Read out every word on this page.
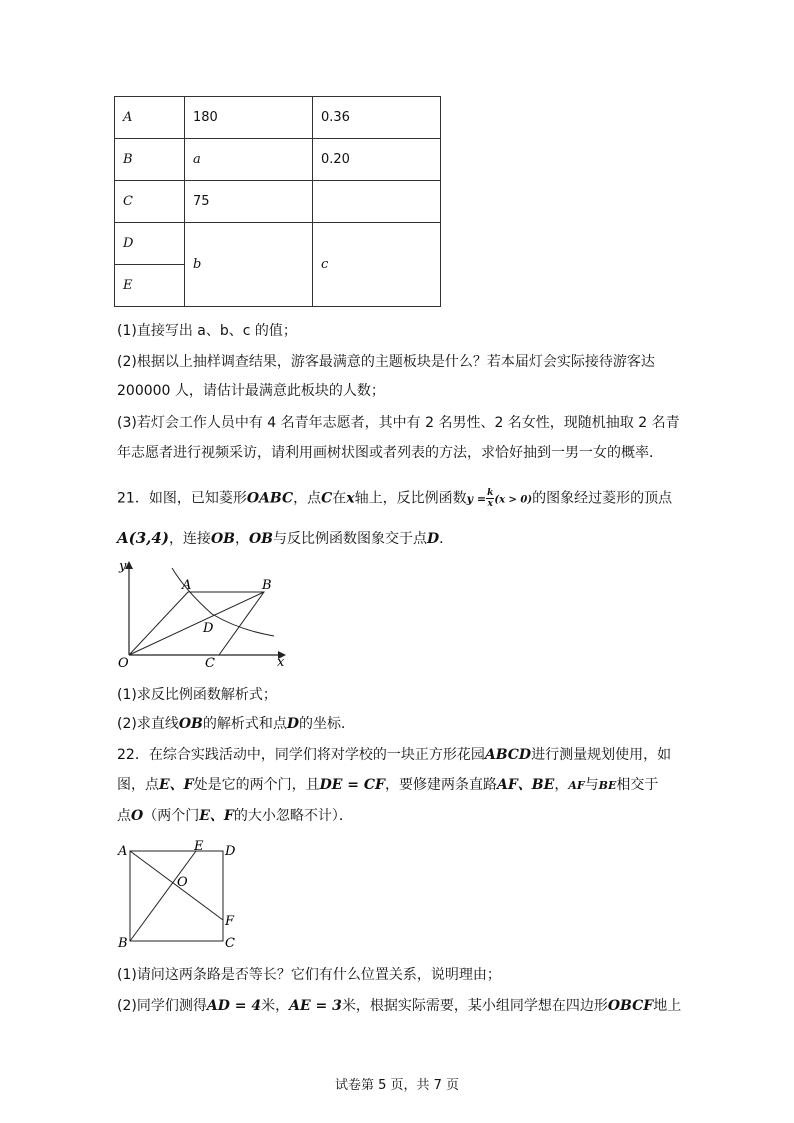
A	180	0.36
B	a	0.20
C	75	
D	b	c
E		
(1)直接写出 a、b、c 的值；
(2)根据以上抽样调查结果，游客最满意的主题板块是什么？若本届灯会实际接待游客达
200000 人，请估计最满意此板块的人数；
(3)若灯会工作人员中有 4 名青年志愿者，其中有 2 名男性、2 名女性，现随机抽取 2 名青
年志愿者进行视频采访，请利用画树状图或者列表的方法，求恰好抽到一男一女的概率．
21．如图，已知菱形OABC，点C在x轴上，反比例函数$y = \frac{k}{x} (x > 0)$的图象经过菱形的顶点
A(3,4)，连接OB，OB与反比例函数图象交于点D．
y
x
O
A	B
C
D
(1)求反比例函数解析式；
(2)求直线OB的解析式和点D的坐标．
22．在综合实践活动中，同学们将对学校的一块正方形花园ABCD进行测量规划使用，如
图，点E、F处是它的两个门，且DE = CF，要修建两条直路AF、BE，AF与BE相交于
点O（两个门E、F的大小忽略不计）．
A	E D
O
F
B	C
(1)请问这两条路是否等长？它们有什么位置关系，说明理由；
(2)同学们测得AD = 4米，AE = 3米，根据实际需要，某小组同学想在四边形OBCF地上
试卷第 5 页，共 7 页
